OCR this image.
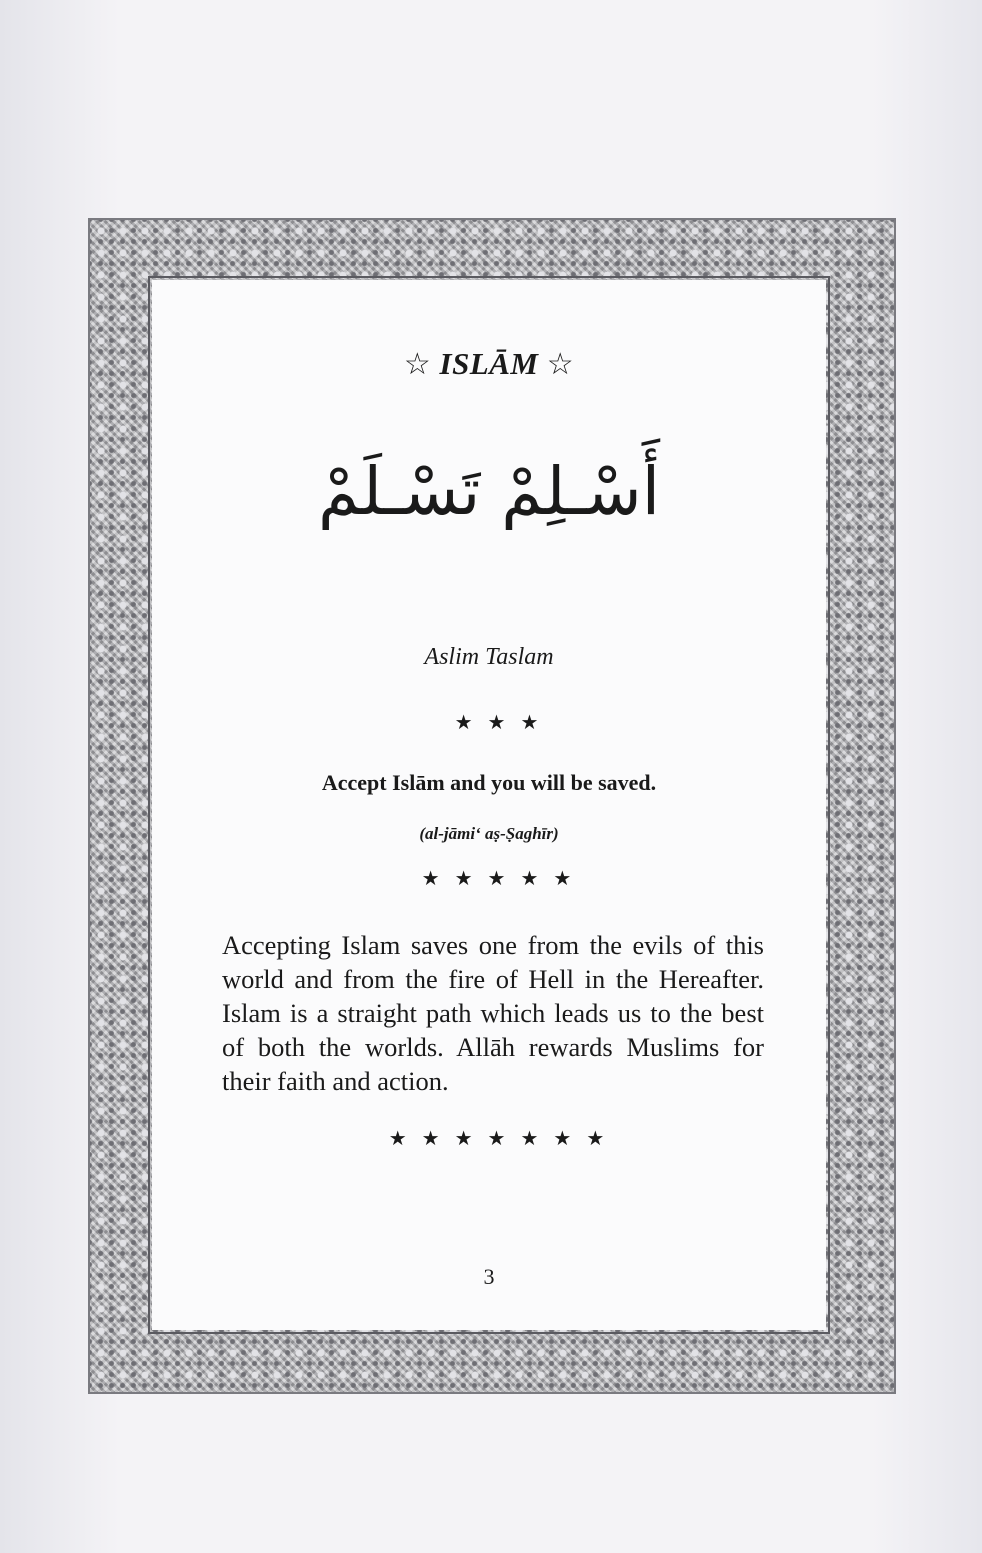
☆ ISLĀM ☆
أَسْـلِمْ تَسْـلَمْ
Aslim Taslam
★★★
Accept Islām and you will be saved.
(al-jāmi‘ aṣ-Ṣaghīr)
★★★★★
Accepting Islam saves one from the evils of this world and from the fire of Hell in the Hereafter. Islam is a straight path which leads us to the best of both the worlds. Allāh rewards Muslims for their faith and action.
★★★★★★★
3
